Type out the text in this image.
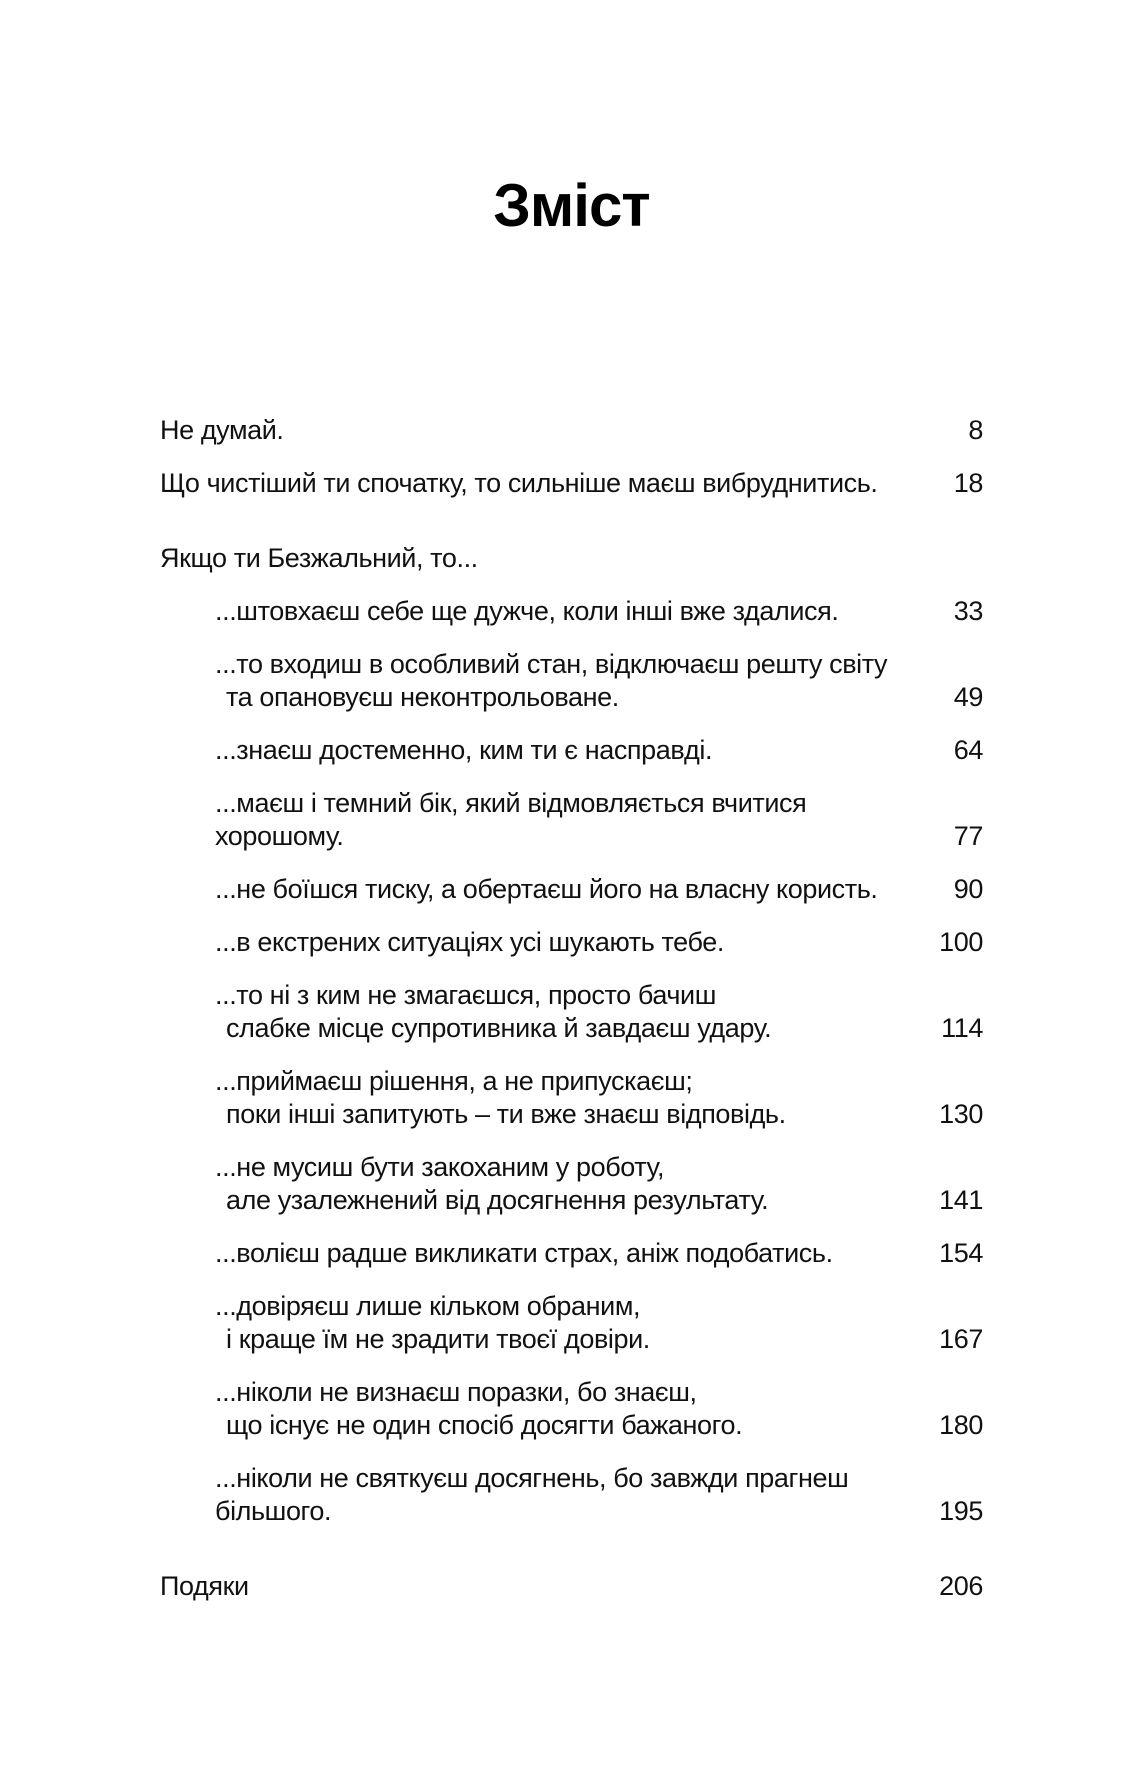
Зміст
Не думай.	8
Що чистіший ти спочатку, то сильніше маєш вибруднитись.	18
Якщо ти Безжальний, то...
...штовхаєш себе ще дужче, коли інші вже здалися.	33
...то входиш в особливий стан, відключаєш решту світу
та опановуєш неконтрольоване.	49
...знаєш достеменно, ким ти є насправді.	64
...маєш і темний бік, який відмовляється вчитися хорошому.	77
...не боїшся тиску, а обертаєш його на власну користь.	90
...в екстрених ситуаціях усі шукають тебе.	100
...то ні з ким не змагаєшся, просто бачиш
слабке місце супротивника й завдаєш удару.	114
...приймаєш рішення, а не припускаєш;
поки інші запитують – ти вже знаєш відповідь.	130
...не мусиш бути закоханим у роботу,
але узалежнений від досягнення результату.	141
...волієш радше викликати страх, аніж подобатись.	154
...довіряєш лише кільком обраним,
і краще їм не зрадити твоєї довіри.	167
...ніколи не визнаєш поразки, бо знаєш,
що існує не один спосіб досягти бажаного.	180
...ніколи не святкуєш досягнень, бо завжди прагнеш більшого.	195
Подяки	206
